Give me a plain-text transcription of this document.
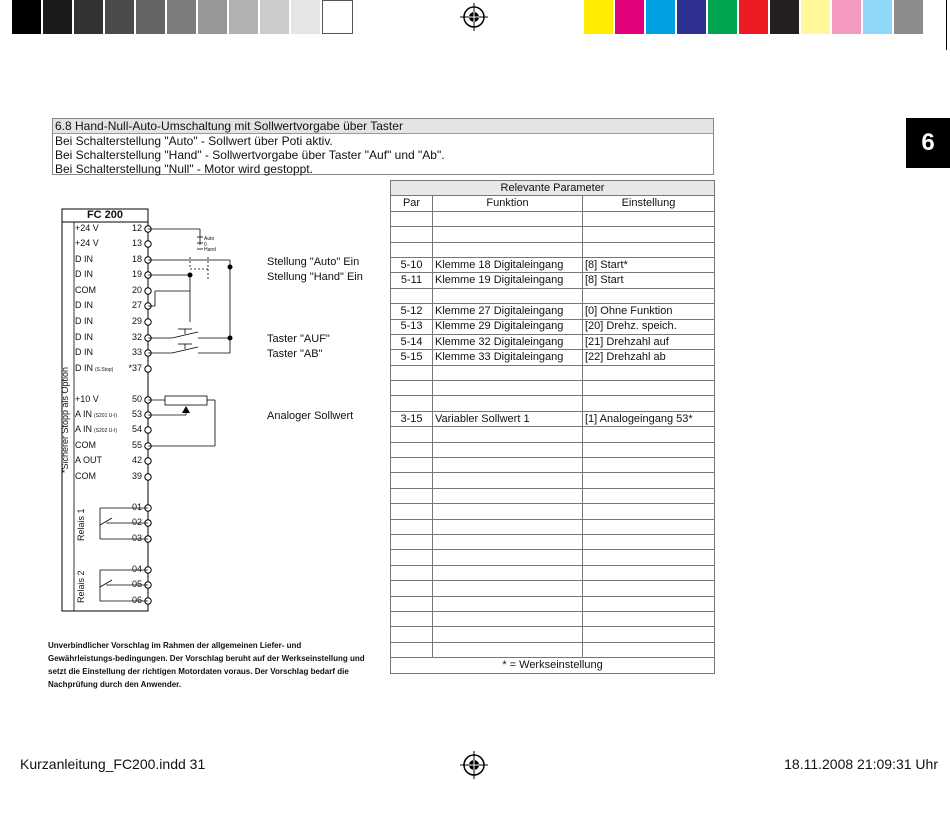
6
6.8 Hand-Null-Auto-Umschaltung mit Sollwertvorgabe über Taster
Bei Schalterstellung "Auto" - Sollwert über Poti aktiv.
Bei Schalterstellung "Hand" - Sollwertvorgabe über Taster "Auf" und "Ab".
Bei Schalterstellung "Null" - Motor wird gestoppt.
FC 200
+24 V	12
+24 V	13
D IN	18
D IN	19
COM	20
D IN	27
D IN	29
D IN	32
D IN	33
D IN (S.Stop)	*37
+10 V	50
A IN (S201 U-I)	53
A IN (S202 U-I)	54
COM	55
A OUT	42
COM	39
01
02
03
04
05
06
*Sicherer Stopp als Option
Relais 1
Relais 2
Auto
0
Hand
Stellung "Auto" Ein
Stellung "Hand" Ein
Taster "AUF"
Taster "AB"
Analoger Sollwert
Relevante Parameter		
Par	Funktion	Einstellung

5-10	Klemme 18 Digitaleingang	[8] Start*
5-11	Klemme 19 Digitaleingang	[8] Start

5-12	Klemme 27 Digitaleingang	[0] Ohne Funktion
5-13	Klemme 29 Digitaleingang	[20] Drehz. speich.
5-14	Klemme 32 Digitaleingang	[21] Drehzahl auf
5-15	Klemme 33 Digitaleingang	[22] Drehzahl ab

3-15	Variabler Sollwert 1	[1] Analogeingang 53*

* = Werkseinstellung		
Unverbindlicher Vorschlag im Rahmen der allgemeinen Liefer- und Gewährleistungs-bedingungen. Der Vorschlag beruht auf der Werkseinstellung und setzt die Einstellung der richtigen Motordaten voraus. Der Vorschlag bedarf die Nachprüfung durch den Anwender.
Kurzanleitung_FC200.indd 31	18.11.2008 21:09:31 Uhr
